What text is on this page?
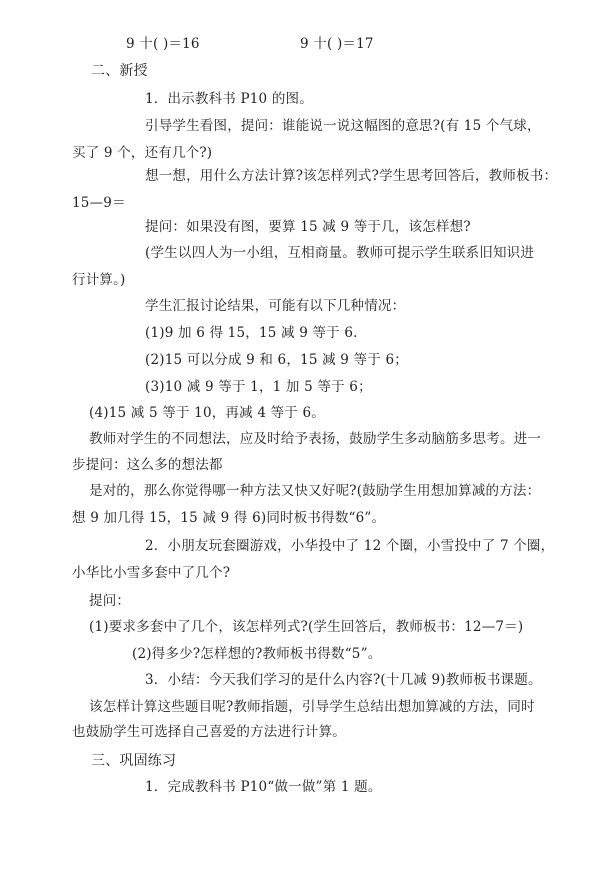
9 十( )＝16	9 十( )＝17
二、新授
1．出示教科书 P10 的图。
引导学生看图，提问：谁能说一说这幅图的意思?(有 15 个气球，
买了 9 个，还有几个?)
想一想，用什么方法计算?该怎样列式?学生思考回答后，教师板书：
15—9＝
提问：如果没有图，要算 15 减 9 等于几，该怎样想?
(学生以四人为一小组，互相商量。教师可提示学生联系旧知识进
行计算。)
学生汇报讨论结果，可能有以下几种情况：
(1)9 加 6 得 15，15 减 9 等于 6.
(2)15 可以分成 9 和 6，15 减 9 等于 6；
(3)10 减 9 等于 1，1 加 5 等于 6；
(4)15 减 5 等于 10，再减 4 等于 6。
教师对学生的不同想法，应及时给予表扬，鼓励学生多动脑筋多思考。进一
步提问：这么多的想法都
是对的，那么你觉得哪一种方法又快又好呢?(鼓励学生用想加算减的方法：
想 9 加几得 15，15 减 9 得 6)同时板书得数“6”。
2．小朋友玩套圈游戏，小华投中了 12 个圈，小雪投中了 7 个圈，
小华比小雪多套中了几个?
提问：
(1)要求多套中了几个，该怎样列式?(学生回答后，教师板书：12—7＝)
(2)得多少?怎样想的?教师板书得数“5”。
3．小结：今天我们学习的是什么内容?(十几减 9)教师板书课题。
该怎样计算这些题目呢?教师指题，引导学生总结出想加算减的方法，同时
也鼓励学生可选择自己喜爱的方法进行计算。
三、巩固练习
1．完成教科书 P10“做一做”第 1 题。
